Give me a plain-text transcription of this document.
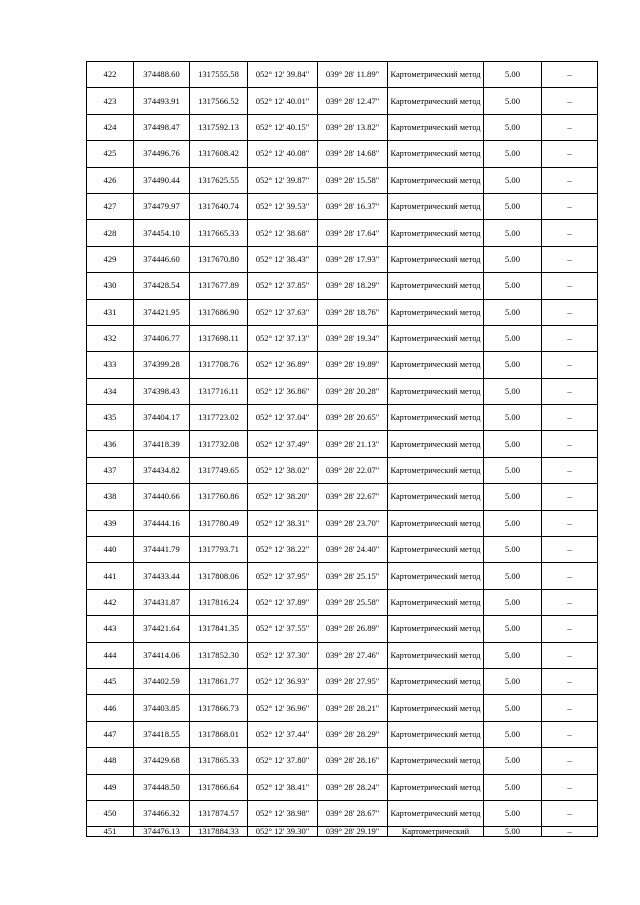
422	374488.60	1317555.58	052° 12' 39.84"	039° 28' 11.89"	Картометрический метод	5.00	–
423	374493.91	1317566.52	052° 12' 40.01"	039° 28' 12.47"	Картометрический метод	5.00	–
424	374498.47	1317592.13	052° 12' 40.15"	039° 28' 13.82"	Картометрический метод	5.00	–
425	374496.76	1317608.42	052° 12' 40.08"	039° 28' 14.68"	Картометрический метод	5.00	–
426	374490.44	1317625.55	052° 12' 39.87"	039° 28' 15.58"	Картометрический метод	5.00	–
427	374479.97	1317640.74	052° 12' 39.53"	039° 28' 16.37"	Картометрический метод	5.00	–
428	374454.10	1317665.33	052° 12' 38.68"	039° 28' 17.64"	Картометрический метод	5.00	–
429	374446.60	1317670.80	052° 12' 38.43"	039° 28' 17.93"	Картометрический метод	5.00	–
430	374428.54	1317677.89	052° 12' 37.85"	039° 28' 18.29"	Картометрический метод	5.00	–
431	374421.95	1317686.90	052° 12' 37.63"	039° 28' 18.76"	Картометрический метод	5.00	–
432	374406.77	1317698.11	052° 12' 37.13"	039° 28' 19.34"	Картометрический метод	5.00	–
433	374399.28	1317708.76	052° 12' 36.89"	039° 28' 19.89"	Картометрический метод	5.00	–
434	374398.43	1317716.11	052° 12' 36.86"	039° 28' 20.28"	Картометрический метод	5.00	–
435	374404.17	1317723.02	052° 12' 37.04"	039° 28' 20.65"	Картометрический метод	5.00	–
436	374418.39	1317732.08	052° 12' 37.49"	039° 28' 21.13"	Картометрический метод	5.00	–
437	374434.82	1317749.65	052° 12' 38.02"	039° 28' 22.07"	Картометрический метод	5.00	–
438	374440.66	1317760.86	052° 12' 38.20"	039° 28' 22.67"	Картометрический метод	5.00	–
439	374444.16	1317780.49	052° 12' 38.31"	039° 28' 23.70"	Картометрический метод	5.00	–
440	374441.79	1317793.71	052° 12' 38.22"	039° 28' 24.40"	Картометрический метод	5.00	–
441	374433.44	1317808.06	052° 12' 37.95"	039° 28' 25.15"	Картометрический метод	5.00	–
442	374431.87	1317816.24	052° 12' 37.89"	039° 28' 25.58"	Картометрический метод	5.00	–
443	374421.64	1317841.35	052° 12' 37.55"	039° 28' 26.89"	Картометрический метод	5.00	–
444	374414.06	1317852.30	052° 12' 37.30"	039° 28' 27.46"	Картометрический метод	5.00	–
445	374402.59	1317861.77	052° 12' 36.93"	039° 28' 27.95"	Картометрический метод	5.00	–
446	374403.85	1317866.73	052° 12' 36.96"	039° 28' 28.21"	Картометрический метод	5.00	–
447	374418.55	1317868.01	052° 12' 37.44"	039° 28' 28.29"	Картометрический метод	5.00	–
448	374429.68	1317865.33	052° 12' 37.80"	039° 28' 28.16"	Картометрический метод	5.00	–
449	374448.50	1317866.64	052° 12' 38.41"	039° 28' 28.24"	Картометрический метод	5.00	–
450	374466.32	1317874.57	052° 12' 38.98"	039° 28' 28.67"	Картометрический метод	5.00	–
451	374476.13	1317884.33	052° 12' 39.30"	039° 28' 29.19"	Картометрический	5.00	–
